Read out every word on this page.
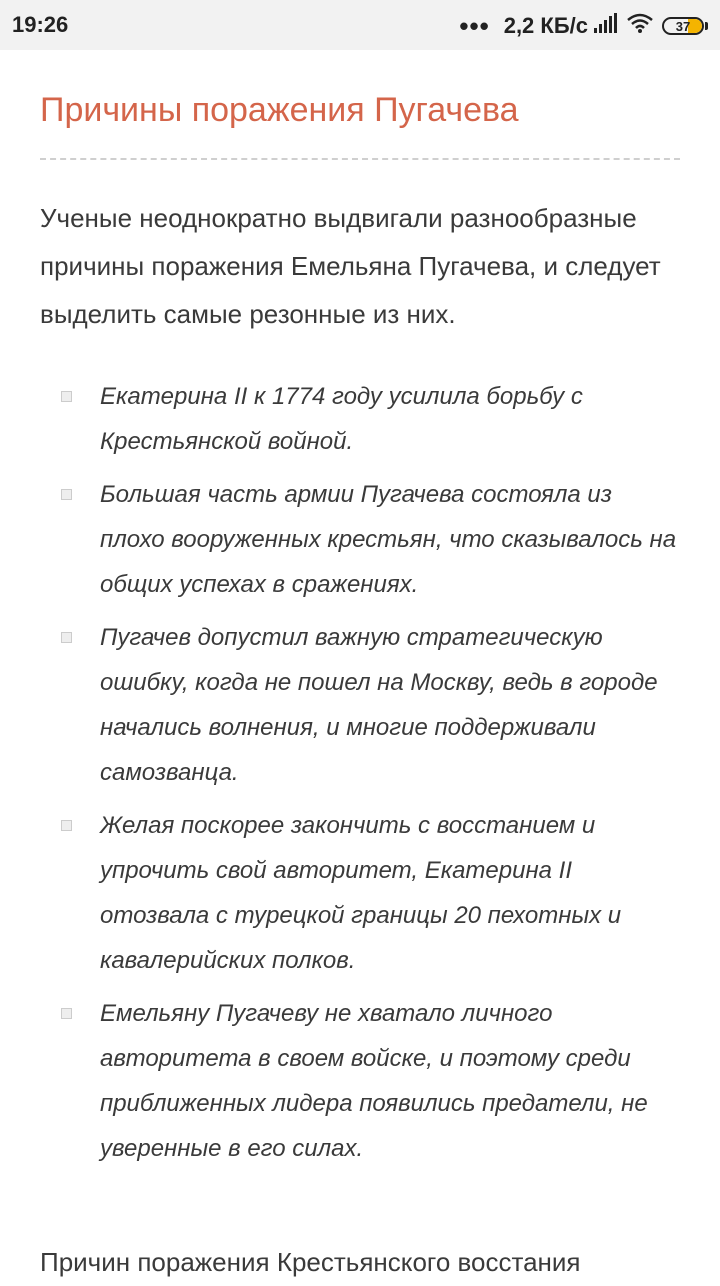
19:26	••• 2,2 КБ/с	37
Причины поражения Пугачева

Ученые неоднократно выдвигали разнообразные причины поражения Емельяна Пугачева, и следует выделить самые резонные из них.

Екатерина II к 1774 году усилила борьбу с Крестьянской войной.
Большая часть армии Пугачева состояла из плохо вооруженных крестьян, что сказывалось на общих успехах в сражениях.
Пугачев допустил важную стратегическую ошибку, когда не пошел на Москву, ведь в городе начались волнения, и многие поддерживали самозванца.
Желая поскорее закончить с восстанием и упрочить свой авторитет, Екатерина II отозвала с турецкой границы 20 пехотных и кавалерийских полков.
Емельяну Пугачеву не хватало личного авторитета в своем войске, и поэтому среди приближенных лидера появились предатели, не уверенные в его силах.

Причин поражения Крестьянского восстания
